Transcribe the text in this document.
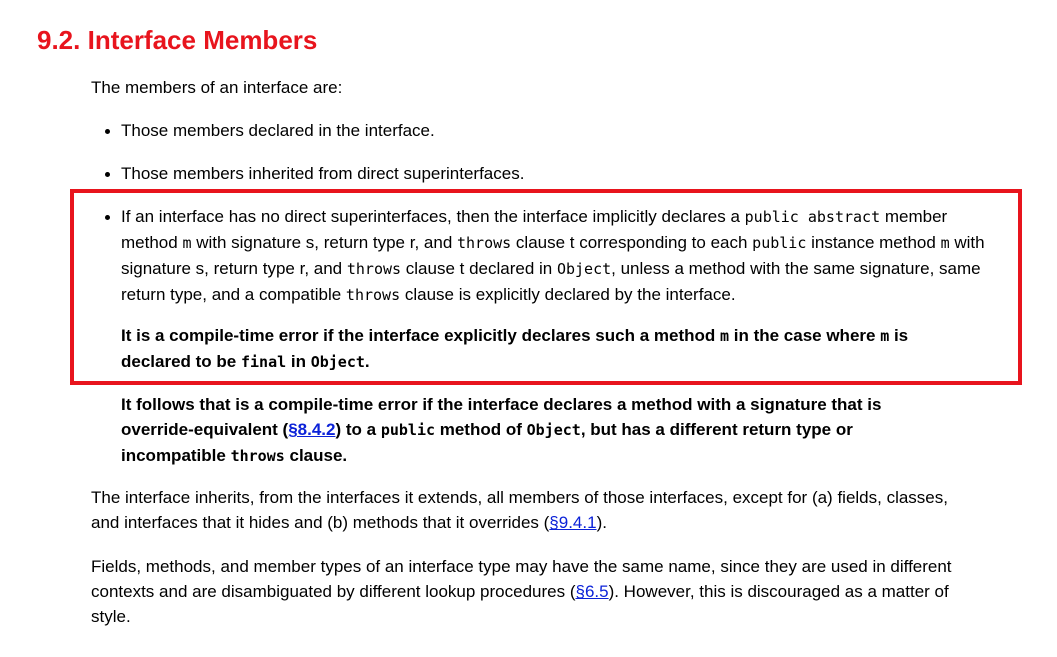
9.2. Interface Members

The members of an interface are:

Those members declared in the interface.

Those members inherited from direct superinterfaces.

If an interface has no direct superinterfaces, then the interface implicitly declares a public abstract member method m with signature s, return type r, and throws clause t corresponding to each public instance method m with signature s, return type r, and throws clause t declared in Object, unless a method with the same signature, same return type, and a compatible throws clause is explicitly declared by the interface.

It is a compile-time error if the interface explicitly declares such a method m in the case where m is declared to be final in Object.

It follows that is a compile-time error if the interface declares a method with a signature that is override-equivalent (§8.4.2) to a public method of Object, but has a different return type or incompatible throws clause.

The interface inherits, from the interfaces it extends, all members of those interfaces, except for (a) fields, classes, and interfaces that it hides and (b) methods that it overrides (§9.4.1).

Fields, methods, and member types of an interface type may have the same name, since they are used in different contexts and are disambiguated by different lookup procedures (§6.5). However, this is discouraged as a matter of style.
